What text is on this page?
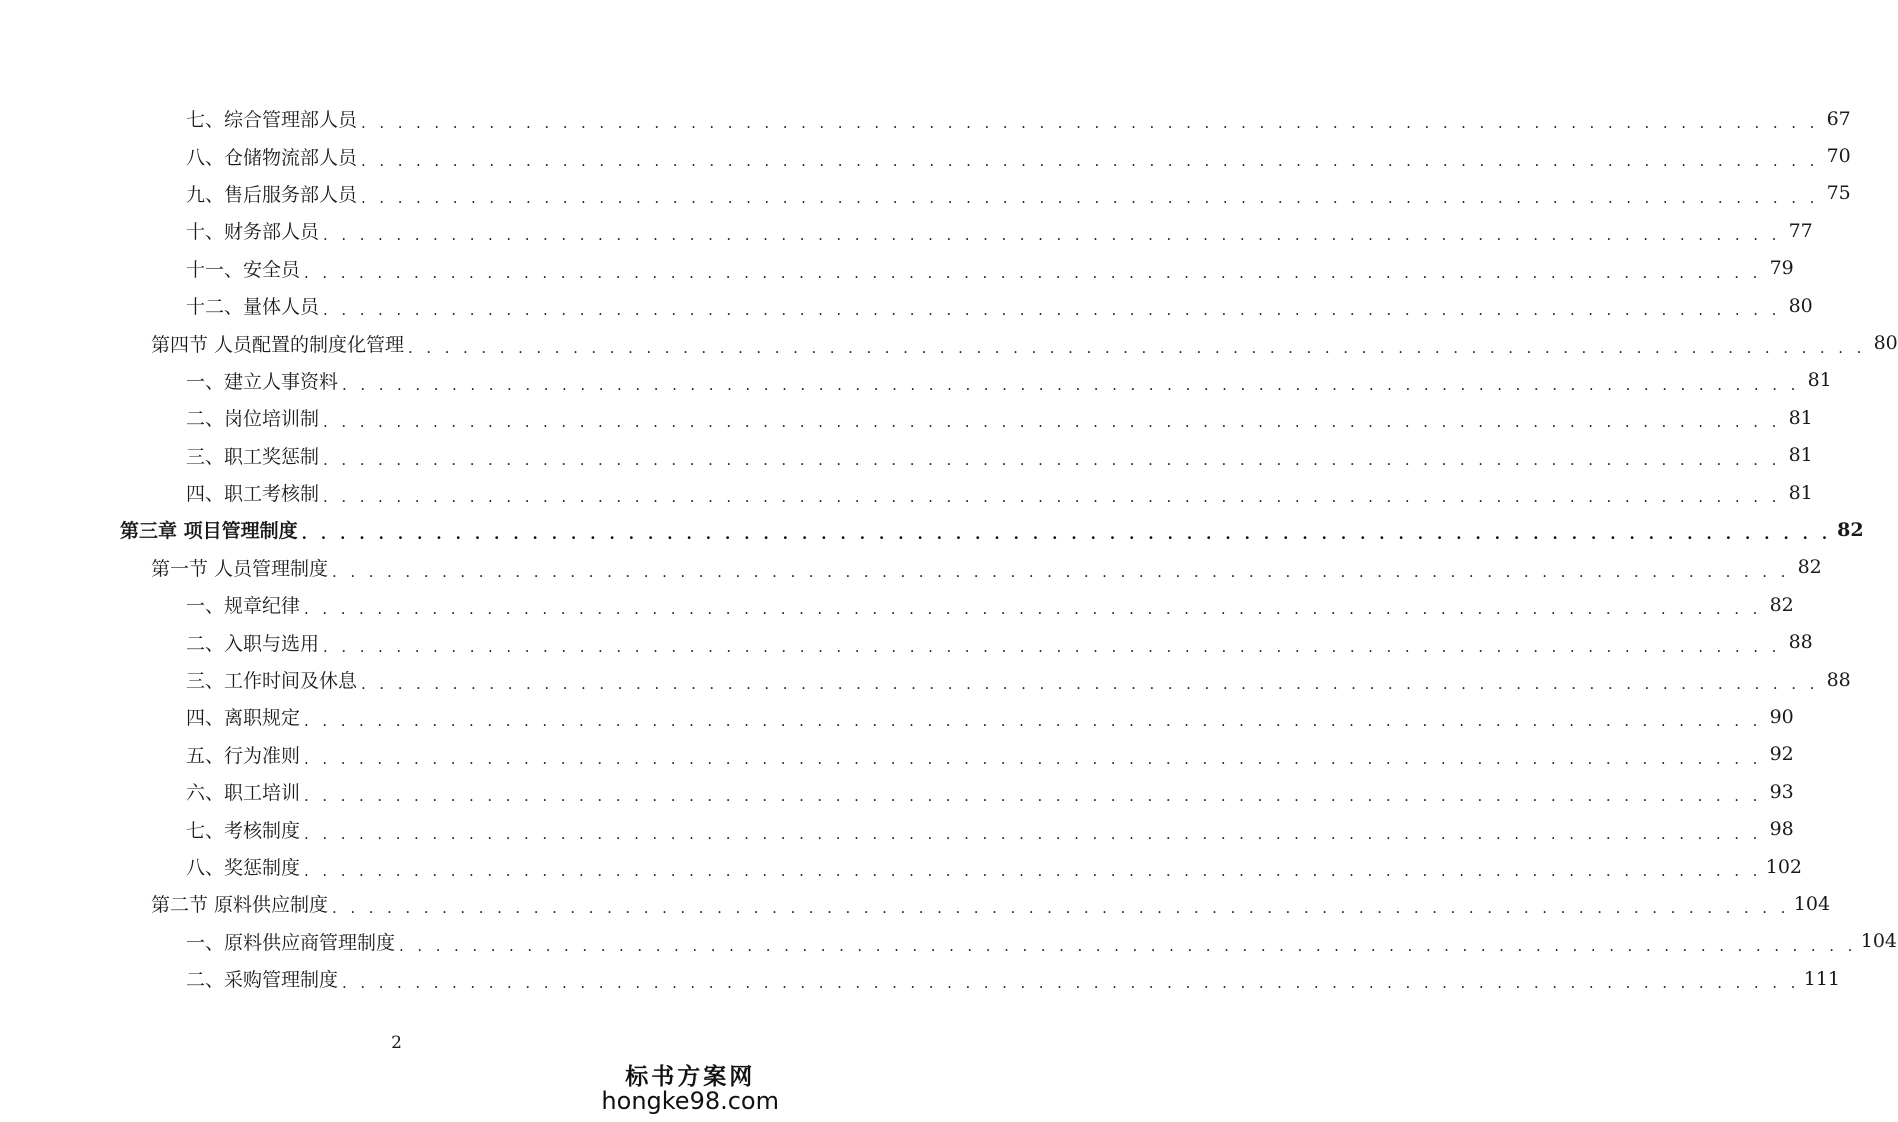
七、综合管理部人员 . . . . . . . . . . . . . . . . . . . . . . . . . . . . . . . . . . . . . . . . . . . . . . . . . . . . . . . . . . . . . . . . . . . . . . . . . . . . . . . . 67
八、仓储物流部人员 . . . . . . . . . . . . . . . . . . . . . . . . . . . . . . . . . . . . . . . . . . . . . . . . . . . . . . . . . . . . . . . . . . . . . . . . . . . . . . . . 70
九、售后服务部人员 . . . . . . . . . . . . . . . . . . . . . . . . . . . . . . . . . . . . . . . . . . . . . . . . . . . . . . . . . . . . . . . . . . . . . . . . . . . . . . . . 75
十、财务部人员 . . . . . . . . . . . . . . . . . . . . . . . . . . . . . . . . . . . . . . . . . . . . . . . . . . . . . . . . . . . . . . . . . . . . . . . . . . . . . . . . 77
十一、安全员 . . . . . . . . . . . . . . . . . . . . . . . . . . . . . . . . . . . . . . . . . . . . . . . . . . . . . . . . . . . . . . . . . . . . . . . . . . . . . . . . 79
十二、量体人员 . . . . . . . . . . . . . . . . . . . . . . . . . . . . . . . . . . . . . . . . . . . . . . . . . . . . . . . . . . . . . . . . . . . . . . . . . . . . . . . . 80
第四节 人员配置的制度化管理 . . . . . . . . . . . . . . . . . . . . . . . . . . . . . . . . . . . . . . . . . . . . . . . . . . . . . . . . . . . . . . . . . . . . . . . . . . . . . . . . 80
一、建立人事资料 . . . . . . . . . . . . . . . . . . . . . . . . . . . . . . . . . . . . . . . . . . . . . . . . . . . . . . . . . . . . . . . . . . . . . . . . . . . . . . . . 81
二、岗位培训制 . . . . . . . . . . . . . . . . . . . . . . . . . . . . . . . . . . . . . . . . . . . . . . . . . . . . . . . . . . . . . . . . . . . . . . . . . . . . . . . . 81
三、职工奖惩制 . . . . . . . . . . . . . . . . . . . . . . . . . . . . . . . . . . . . . . . . . . . . . . . . . . . . . . . . . . . . . . . . . . . . . . . . . . . . . . . . 81
四、职工考核制 . . . . . . . . . . . . . . . . . . . . . . . . . . . . . . . . . . . . . . . . . . . . . . . . . . . . . . . . . . . . . . . . . . . . . . . . . . . . . . . . 81
第三章 项目管理制度 . . . . . . . . . . . . . . . . . . . . . . . . . . . . . . . . . . . . . . . . . . . . . . . . . . . . . . . . . . . . . . . . . . . . . . . . . . . . . . . . 82
第一节 人员管理制度 . . . . . . . . . . . . . . . . . . . . . . . . . . . . . . . . . . . . . . . . . . . . . . . . . . . . . . . . . . . . . . . . . . . . . . . . . . . . . . . . 82
一、规章纪律 . . . . . . . . . . . . . . . . . . . . . . . . . . . . . . . . . . . . . . . . . . . . . . . . . . . . . . . . . . . . . . . . . . . . . . . . . . . . . . . . 82
二、入职与选用 . . . . . . . . . . . . . . . . . . . . . . . . . . . . . . . . . . . . . . . . . . . . . . . . . . . . . . . . . . . . . . . . . . . . . . . . . . . . . . . . 88
三、工作时间及休息 . . . . . . . . . . . . . . . . . . . . . . . . . . . . . . . . . . . . . . . . . . . . . . . . . . . . . . . . . . . . . . . . . . . . . . . . . . . . . . . . 88
四、离职规定 . . . . . . . . . . . . . . . . . . . . . . . . . . . . . . . . . . . . . . . . . . . . . . . . . . . . . . . . . . . . . . . . . . . . . . . . . . . . . . . . 90
五、行为准则 . . . . . . . . . . . . . . . . . . . . . . . . . . . . . . . . . . . . . . . . . . . . . . . . . . . . . . . . . . . . . . . . . . . . . . . . . . . . . . . . 92
六、职工培训 . . . . . . . . . . . . . . . . . . . . . . . . . . . . . . . . . . . . . . . . . . . . . . . . . . . . . . . . . . . . . . . . . . . . . . . . . . . . . . . . 93
七、考核制度 . . . . . . . . . . . . . . . . . . . . . . . . . . . . . . . . . . . . . . . . . . . . . . . . . . . . . . . . . . . . . . . . . . . . . . . . . . . . . . . . 98
八、奖惩制度 . . . . . . . . . . . . . . . . . . . . . . . . . . . . . . . . . . . . . . . . . . . . . . . . . . . . . . . . . . . . . . . . . . . . . . . . . . . . . . . . 102
第二节 原料供应制度 . . . . . . . . . . . . . . . . . . . . . . . . . . . . . . . . . . . . . . . . . . . . . . . . . . . . . . . . . . . . . . . . . . . . . . . . . . . . . . . . 104
一、原料供应商管理制度 . . . . . . . . . . . . . . . . . . . . . . . . . . . . . . . . . . . . . . . . . . . . . . . . . . . . . . . . . . . . . . . . . . . . . . . . . . . . . . . . 104
二、采购管理制度 . . . . . . . . . . . . . . . . . . . . . . . . . . . . . . . . . . . . . . . . . . . . . . . . . . . . . . . . . . . . . . . . . . . . . . . . . . . . . . . . 111
2
标书方案网
hongke98.com
